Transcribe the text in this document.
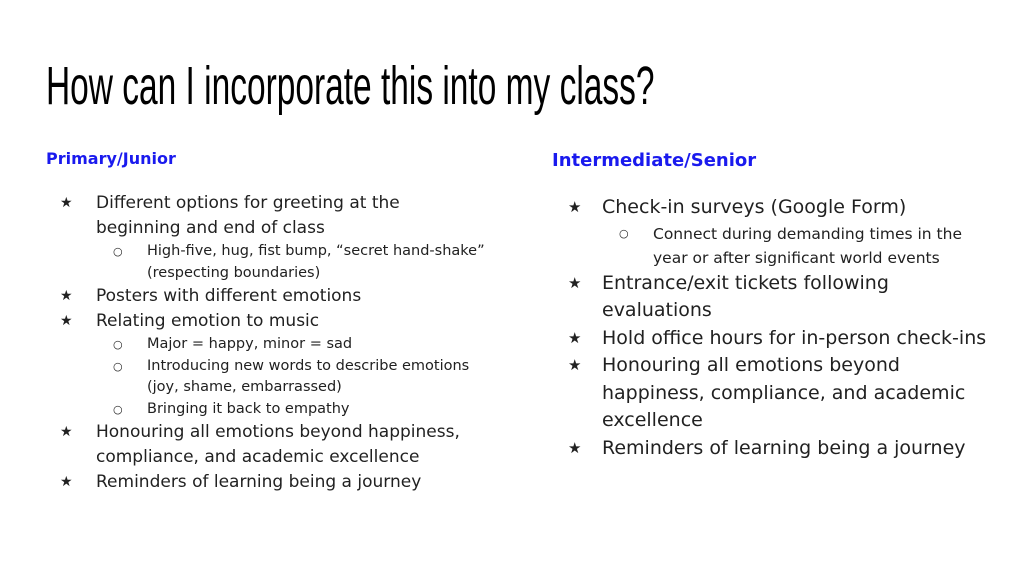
How can I incorporate this into my class?

Primary/Junior

★ Different options for greeting at the beginning and end of class
○ High-five, hug, fist bump, “secret hand-shake” (respecting boundaries)
★ Posters with different emotions
★ Relating emotion to music
○ Major = happy, minor = sad
○ Introducing new words to describe emotions (joy, shame, embarrassed)
○ Bringing it back to empathy
★ Honouring all emotions beyond happiness, compliance, and academic excellence
★ Reminders of learning being a journey

Intermediate/Senior

★ Check-in surveys (Google Form)
○ Connect during demanding times in the year or after significant world events
★ Entrance/exit tickets following evaluations
★ Hold office hours for in-person check-ins
★ Honouring all emotions beyond happiness, compliance, and academic excellence
★ Reminders of learning being a journey
